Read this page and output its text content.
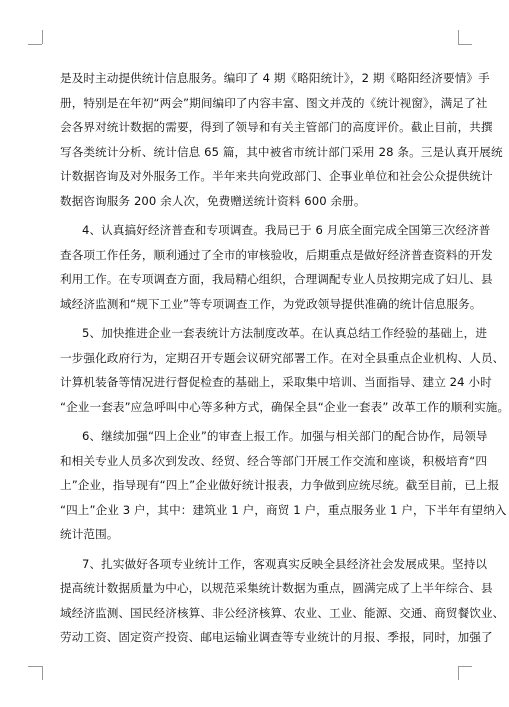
是及时主动提供统计信息服务。编印了 4 期《略阳统计》，2 期《略阳经济要情》手
册，特别是在年初“两会”期间编印了内容丰富、图文并茂的《统计视窗》，满足了社
会各界对统计数据的需要，得到了领导和有关主管部门的高度评价。截止目前，共撰
写各类统计分析、统计信息 65 篇，其中被省市统计部门采用 28 条。三是认真开展统
计数据咨询及对外服务工作。半年来共向党政部门、企事业单位和社会公众提供统计
数据咨询服务 200 余人次，免费赠送统计资料 600 余册。
4、认真搞好经济普查和专项调查。我局已于 6 月底全面完成全国第三次经济普
查各项工作任务，顺利通过了全市的审核验收，后期重点是做好经济普查资料的开发
利用工作。在专项调查方面，我局精心组织，合理调配专业人员按期完成了妇儿、县
域经济监测和“规下工业”等专项调查工作，为党政领导提供准确的统计信息服务。
5、加快推进企业一套表统计方法制度改革。在认真总结工作经验的基础上，进
一步强化政府行为，定期召开专题会议研究部署工作。在对全县重点企业机构、人员、
计算机装备等情况进行督促检查的基础上，采取集中培训、当面指导、建立 24 小时
“企业一套表”应急呼叫中心等多种方式，确保全县“企业一套表” 改革工作的顺利实施。
6、继续加强“四上企业”的审查上报工作。加强与相关部门的配合协作，局领导
和相关专业人员多次到发改、经贸、经合等部门开展工作交流和座谈，积极培育“四
上”企业，指导现有“四上”企业做好统计报表，力争做到应统尽统。截至目前，已上报
“四上”企业 3 户，其中：建筑业 1 户，商贸 1 户，重点服务业 1 户，下半年有望纳入
统计范围。
7、扎实做好各项专业统计工作，客观真实反映全县经济社会发展成果。坚持以
提高统计数据质量为中心，以规范采集统计数据为重点，圆满完成了上半年综合、县
域经济监测、国民经济核算、非公经济核算、农业、工业、能源、交通、商贸餐饮业、
劳动工资、固定资产投资、邮电运输业调查等专业统计的月报、季报，同时，加强了
